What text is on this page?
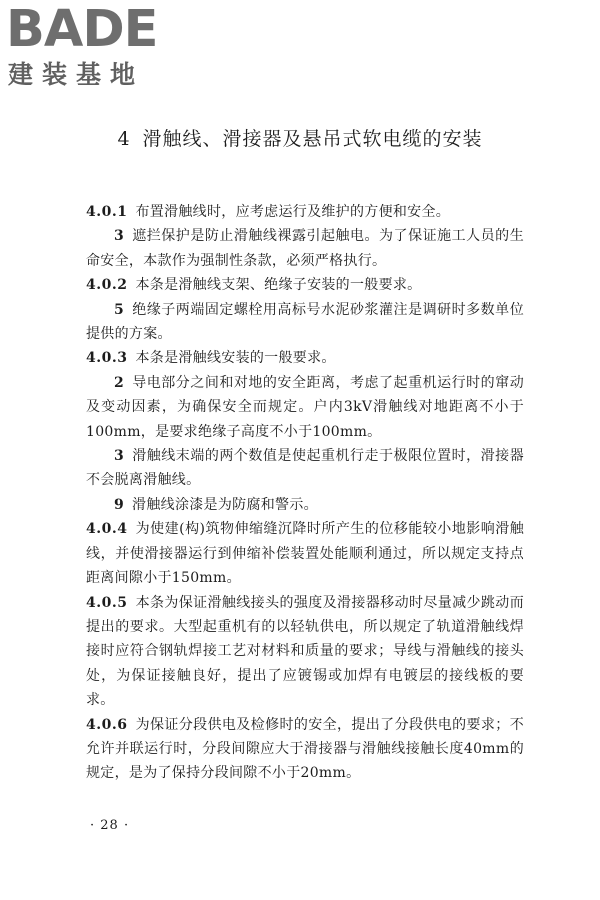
BADE
建装基地
4 滑触线、滑接器及悬吊式软电缆的安装

4.0.1 布置滑触线时，应考虑运行及维护的方便和安全。

3 遮拦保护是防止滑触线裸露引起触电。为了保证施工人员的生命安全，本款作为强制性条款，必须严格执行。

4.0.2 本条是滑触线支架、绝缘子安装的一般要求。

5 绝缘子两端固定螺栓用高标号水泥砂浆灌注是调研时多数单位提供的方案。

4.0.3 本条是滑触线安装的一般要求。

2 导电部分之间和对地的安全距离，考虑了起重机运行时的窜动及变动因素，为确保安全而规定。户内3kV滑触线对地距离不小于100mm，是要求绝缘子高度不小于100mm。

3 滑触线末端的两个数值是使起重机行走于极限位置时，滑接器不会脱离滑触线。

9 滑触线涂漆是为防腐和警示。

4.0.4 为使建(构)筑物伸缩缝沉降时所产生的位移能较小地影响滑触线，并使滑接器运行到伸缩补偿装置处能顺利通过，所以规定支持点距离间隙小于150mm。

4.0.5 本条为保证滑触线接头的强度及滑接器移动时尽量减少跳动而提出的要求。大型起重机有的以轻轨供电，所以规定了轨道滑触线焊接时应符合钢轨焊接工艺对材料和质量的要求；导线与滑触线的接头处，为保证接触良好，提出了应镀锡或加焊有电镀层的接线板的要求。

4.0.6 为保证分段供电及检修时的安全，提出了分段供电的要求；不允许并联运行时，分段间隙应大于滑接器与滑触线接触长度40mm的规定，是为了保持分段间隙不小于20mm。

· 28 ·
